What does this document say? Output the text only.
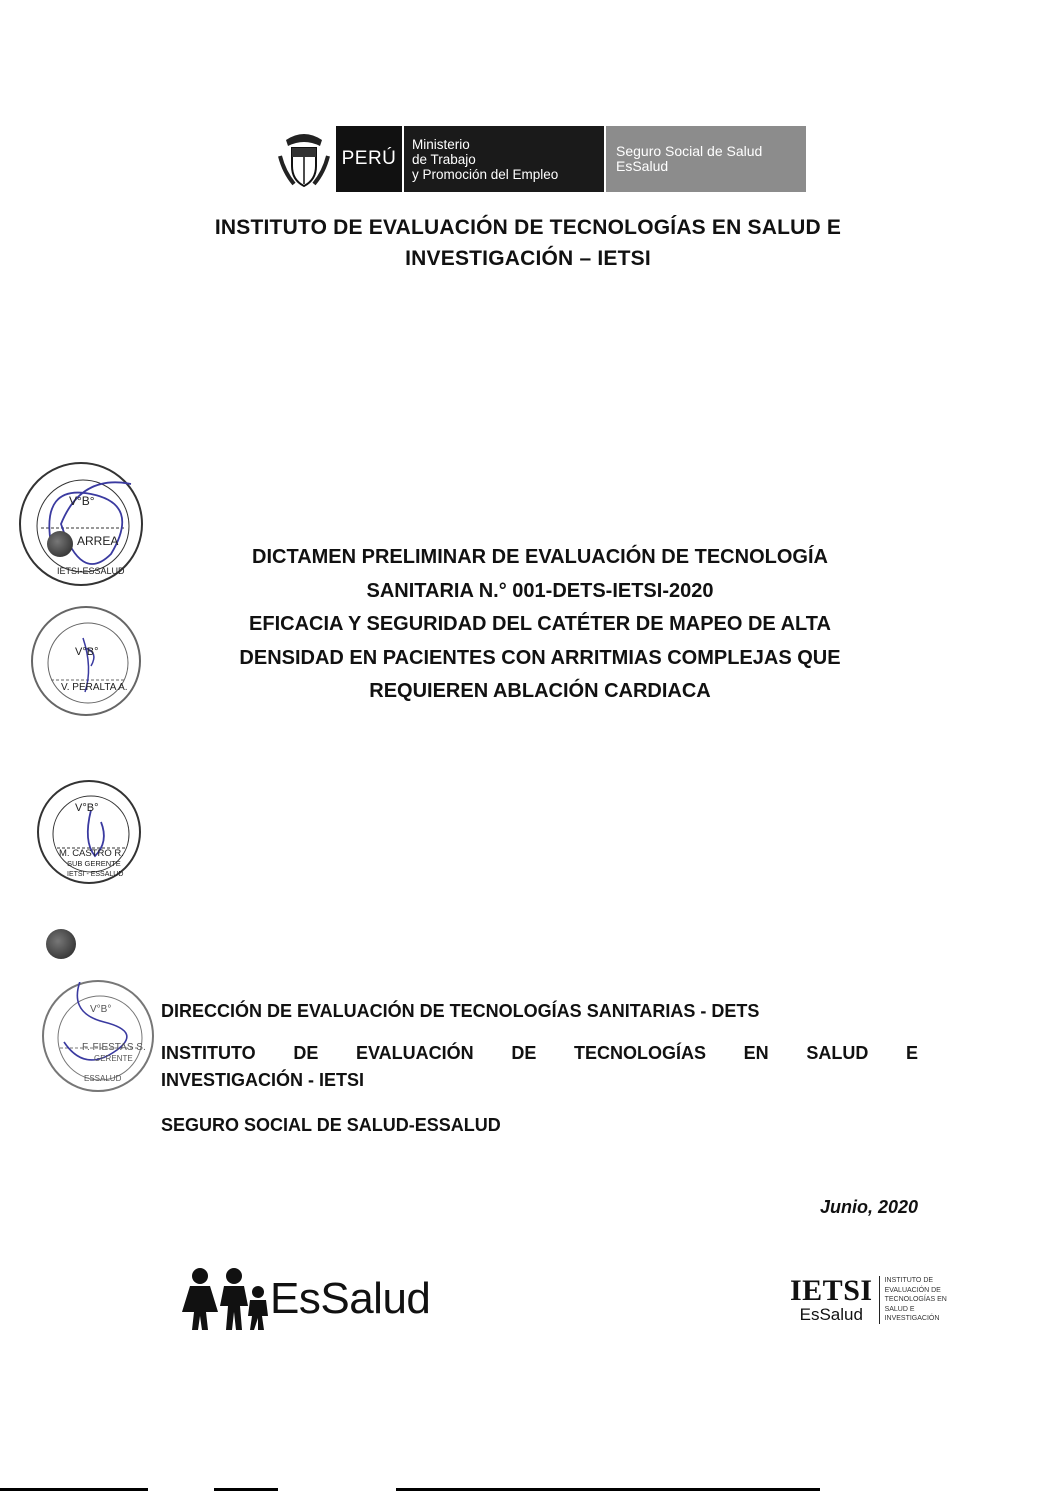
PERÚ
Ministerio
de Trabajo
y Promoción del Empleo
Seguro Social de Salud
EsSalud
INSTITUTO DE EVALUACIÓN DE TECNOLOGÍAS EN SALUD E
INVESTIGACIÓN – IETSI
V°B°
ARREA
IETSI-ESSALUD
V°B°
V. PERALTA A.
V°B°
M. CASTRO R.
SUB GERENTE
IETSI - ESSALUD
V°B°
F. FIESTAS S.
GERENTE
ESSALUD
DICTAMEN PRELIMINAR DE EVALUACIÓN DE TECNOLOGÍA
SANITARIA N.° 001-DETS-IETSI-2020
EFICACIA Y SEGURIDAD DEL CATÉTER DE MAPEO DE ALTA
DENSIDAD EN PACIENTES CON ARRITMIAS COMPLEJAS QUE
REQUIEREN ABLACIÓN CARDIACA
DIRECCIÓN DE EVALUACIÓN DE TECNOLOGÍAS SANITARIAS - DETS
INSTITUTO DE EVALUACIÓN DE TECNOLOGÍAS EN SALUD E
INVESTIGACIÓN - IETSI
SEGURO SOCIAL DE SALUD-ESSALUD
Junio, 2020
EsSalud	IETSI
EsSalud
INSTITUTO DE
EVALUACIÓN DE
TECNOLOGÍAS EN
SALUD E
INVESTIGACIÓN
